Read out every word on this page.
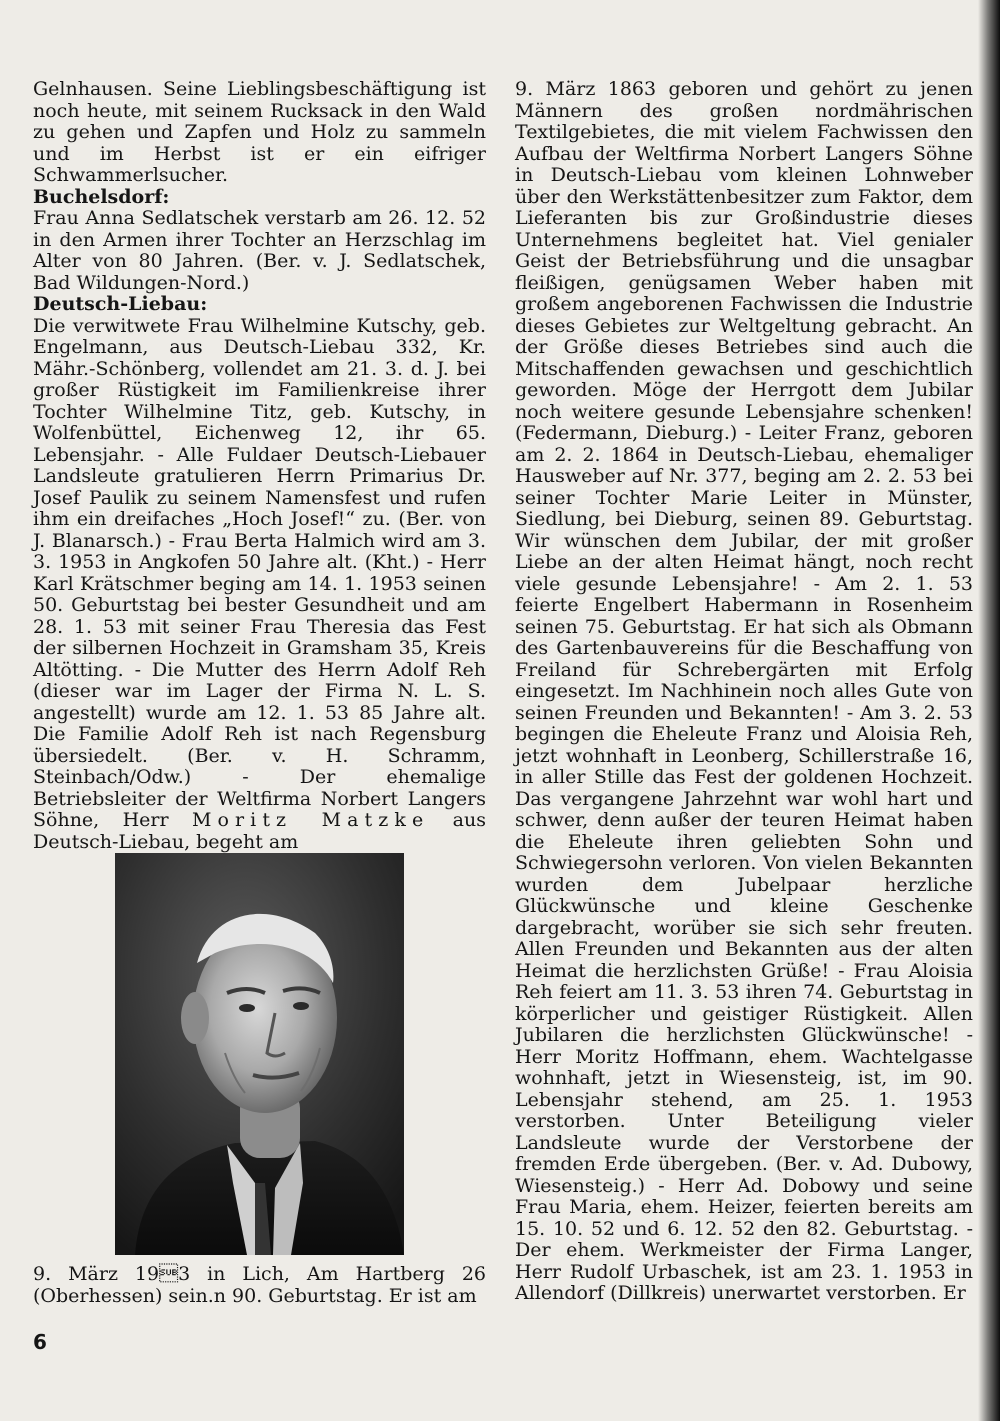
Gelnhausen. Seine Lieblingsbeschäftigung ist noch heute, mit seinem Rucksack in den Wald zu gehen und Zapfen und Holz zu sammeln und im Herbst ist er ein eifriger Schwammerlsucher.

Buchelsdorf:

Frau Anna Sedlatschek verstarb am 26. 12. 52 in den Armen ihrer Tochter an Herzschlag im Alter von 80 Jahren. (Ber. v. J. Sedlatschek, Bad Wildungen-Nord.)

Deutsch-Liebau:

Die verwitwete Frau Wilhelmine Kutschy, geb. Engelmann, aus Deutsch-Liebau 332, Kr. Mähr.-Schönberg, vollendet am 21. 3. d. J. bei großer Rüstigkeit im Familienkreise ihrer Tochter Wilhelmine Titz, geb. Kutschy, in Wolfenbüttel, Eichenweg 12, ihr 65. Lebensjahr. - Alle Fuldaer Deutsch-Liebauer Landsleute gratulieren Herrn Primarius Dr. Josef Paulik zu seinem Namensfest und rufen ihm ein dreifaches „Hoch Josef!“ zu. (Ber. von J. Blanarsch.) - Frau Berta Halmich wird am 3. 3. 1953 in Angkofen 50 Jahre alt. (Kht.) - Herr Karl Krätschmer beging am 14. 1. 1953 seinen 50. Geburtstag bei bester Gesundheit und am 28. 1. 53 mit seiner Frau Theresia das Fest der silbernen Hochzeit in Gramsham 35, Kreis Altötting. - Die Mutter des Herrn Adolf Reh (dieser war im Lager der Firma N. L. S. angestellt) wurde am 12. 1. 53 85 Jahre alt. Die Familie Adolf Reh ist nach Regensburg übersiedelt. (Ber. v. H. Schramm, Steinbach/Odw.) - Der ehemalige Betriebsleiter der Weltfirma Norbert Langers Söhne, Herr Moritz Matzke aus Deutsch-Liebau, begeht am

9. März 193 in Lich, Am Hartberg 26 (Oberhessen) sein.n 90. Geburtstag. Er ist am

9. März 1863 geboren und gehört zu jenen Männern des großen nordmährischen Textilgebietes, die mit vielem Fachwissen den Aufbau der Weltfirma Norbert Langers Söhne in Deutsch-Liebau vom kleinen Lohnweber über den Werkstättenbesitzer zum Faktor, dem Lieferanten bis zur Großindustrie dieses Unternehmens begleitet hat. Viel genialer Geist der Betriebsführung und die unsagbar fleißigen, genügsamen Weber haben mit großem angeborenen Fachwissen die Industrie dieses Gebietes zur Weltgeltung gebracht. An der Größe dieses Betriebes sind auch die Mitschaffenden gewachsen und geschichtlich geworden. Möge der Herrgott dem Jubilar noch weitere gesunde Lebensjahre schenken! (Federmann, Dieburg.) - Leiter Franz, geboren am 2. 2. 1864 in Deutsch-Liebau, ehemaliger Hausweber auf Nr. 377, beging am 2. 2. 53 bei seiner Tochter Marie Leiter in Münster, Siedlung, bei Dieburg, seinen 89. Geburtstag. Wir wünschen dem Jubilar, der mit großer Liebe an der alten Heimat hängt, noch recht viele gesunde Lebensjahre! - Am 2. 1. 53 feierte Engelbert Habermann in Rosenheim seinen 75. Geburtstag. Er hat sich als Obmann des Gartenbauvereins für die Beschaffung von Freiland für Schrebergärten mit Erfolg eingesetzt. Im Nachhinein noch alles Gute von seinen Freunden und Bekannten! - Am 3. 2. 53 begingen die Eheleute Franz und Aloisia Reh, jetzt wohnhaft in Leonberg, Schillerstraße 16, in aller Stille das Fest der goldenen Hochzeit. Das vergangene Jahrzehnt war wohl hart und schwer, denn außer der teuren Heimat haben die Eheleute ihren geliebten Sohn und Schwiegersohn verloren. Von vielen Bekannten wurden dem Jubelpaar herzliche Glückwünsche und kleine Geschenke dargebracht, worüber sie sich sehr freuten. Allen Freunden und Bekannten aus der alten Heimat die herzlichsten Grüße! - Frau Aloisia Reh feiert am 11. 3. 53 ihren 74. Geburtstag in körperlicher und geistiger Rüstigkeit. Allen Jubilaren die herzlichsten Glückwünsche! - Herr Moritz Hoffmann, ehem. Wachtelgasse wohnhaft, jetzt in Wiesensteig, ist, im 90. Lebensjahr stehend, am 25. 1. 1953 verstorben. Unter Beteiligung vieler Landsleute wurde der Verstorbene der fremden Erde übergeben. (Ber. v. Ad. Dubowy, Wiesensteig.) - Herr Ad. Dobowy und seine Frau Maria, ehem. Heizer, feierten bereits am 15. 10. 52 und 6. 12. 52 den 82. Geburtstag. - Der ehem. Werkmeister der Firma Langer, Herr Rudolf Urbaschek, ist am 23. 1. 1953 in Allendorf (Dillkreis) unerwartet verstorben. Er

6
